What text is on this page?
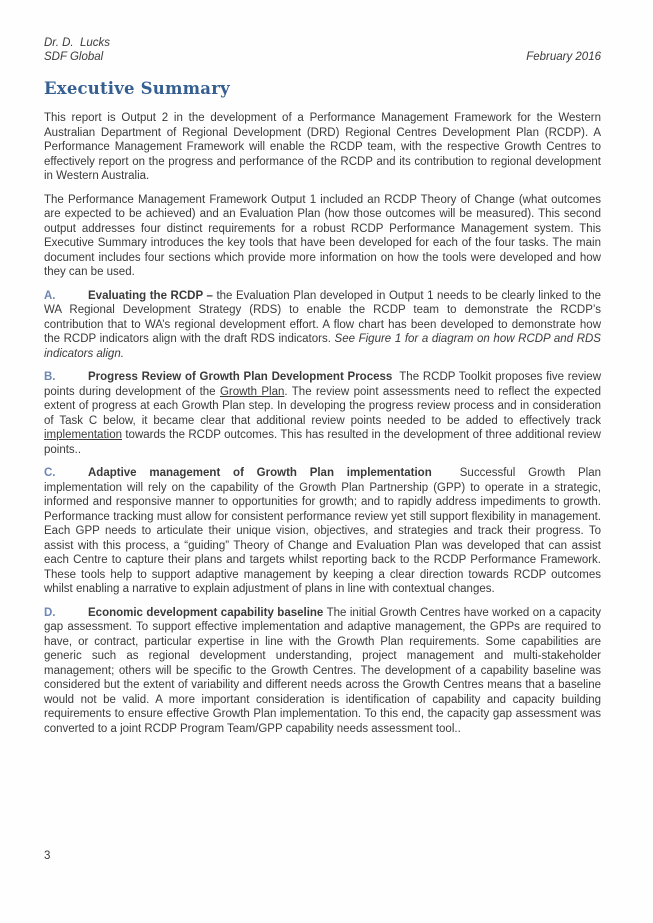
Dr. D.  Lucks
SDF Global	February 2016
Executive Summary

This report is Output 2 in the development of a Performance Management Framework for the Western Australian Department of Regional Development (DRD) Regional Centres Development Plan (RCDP). A Performance Management Framework will enable the RCDP team, with the respective Growth Centres to effectively report on the progress and performance of the RCDP and its contribution to regional development in Western Australia.

The Performance Management Framework Output 1 included an RCDP Theory of Change (what outcomes are expected to be achieved) and an Evaluation Plan (how those outcomes will be measured). This second output addresses four distinct requirements for a robust RCDP Performance Management system. This Executive Summary introduces the key tools that have been developed for each of the four tasks. The main document includes four sections which provide more information on how the tools were developed and how they can be used.

A.	Evaluating the RCDP – the Evaluation Plan developed in Output 1 needs to be clearly linked to the WA Regional Development Strategy (RDS) to enable the RCDP team to demonstrate the RCDP’s contribution that to WA’s regional development effort. A flow chart has been developed to demonstrate how the RCDP indicators align with the draft RDS indicators. See Figure 1 for a diagram on how RCDP and RDS indicators align.

B.	Progress Review of Growth Plan Development Process The RCDP Toolkit proposes five review points during development of the Growth Plan. The review point assessments need to reflect the expected extent of progress at each Growth Plan step. In developing the progress review process and in consideration of Task C below, it became clear that additional review points needed to be added to effectively track implementation towards the RCDP outcomes. This has resulted in the development of three additional review points..

C.	Adaptive management of Growth Plan implementation Successful Growth Plan implementation will rely on the capability of the Growth Plan Partnership (GPP) to operate in a strategic, informed and responsive manner to opportunities for growth; and to rapidly address impediments to growth. Performance tracking must allow for consistent performance review yet still support flexibility in management. Each GPP needs to articulate their unique vision, objectives, and strategies and track their progress. To assist with this process, a “guiding” Theory of Change and Evaluation Plan was developed that can assist each Centre to capture their plans and targets whilst reporting back to the RCDP Performance Framework. These tools help to support adaptive management by keeping a clear direction towards RCDP outcomes whilst enabling a narrative to explain adjustment of plans in line with contextual changes.

D.	Economic development capability baseline The initial Growth Centres have worked on a capacity gap assessment. To support effective implementation and adaptive management, the GPPs are required to have, or contract, particular expertise in line with the Growth Plan requirements. Some capabilities are generic such as regional development understanding, project management and multi-stakeholder management; others will be specific to the Growth Centres. The development of a capability baseline was considered but the extent of variability and different needs across the Growth Centres means that a baseline would not be valid. A more important consideration is identification of capability and capacity building requirements to ensure effective Growth Plan implementation. To this end, the capacity gap assessment was converted to a joint RCDP Program Team/GPP capability needs assessment tool..

3
